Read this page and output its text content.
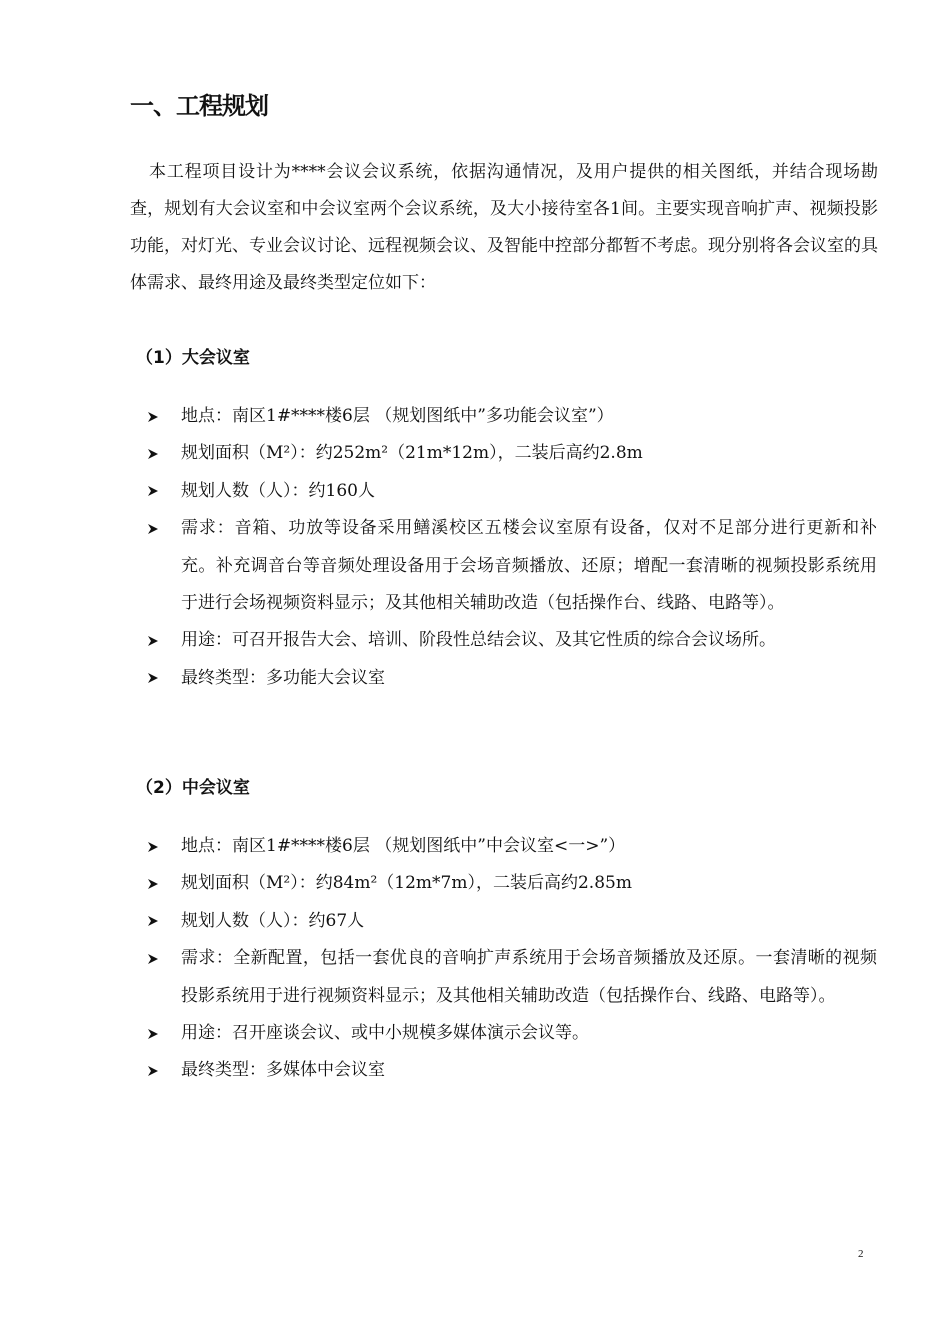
一、工程规划

本工程项目设计为****会议会议系统，依据沟通情况，及用户提供的相关图纸，并结合现场勘查，规划有大会议室和中会议室两个会议系统，及大小接待室各1间。主要实现音响扩声、视频投影功能，对灯光、专业会议讨论、远程视频会议、及智能中控部分都暂不考虑。现分别将各会议室的具体需求、最终用途及最终类型定位如下：

（1）大会议室
地点：南区1#****楼6层 （规划图纸中”多功能会议室”）
规划面积（M²）：约252m²（21m*12m），二装后高约2.8m
规划人数（人）：约160人
需求：音箱、功放等设备采用鳝溪校区五楼会议室原有设备，仅对不足部分进行更新和补充。补充调音台等音频处理设备用于会场音频播放、还原；增配一套清晰的视频投影系统用于进行会场视频资料显示；及其他相关辅助改造（包括操作台、线路、电路等）。
用途：可召开报告大会、培训、阶段性总结会议、及其它性质的综合会议场所。
最终类型：多功能大会议室
（2）中会议室
地点：南区1#****楼6层 （规划图纸中”中会议室<一>”）
规划面积（M²）：约84m²（12m*7m），二装后高约2.85m
规划人数（人）：约67人
需求：全新配置，包括一套优良的音响扩声系统用于会场音频播放及还原。一套清晰的视频投影系统用于进行视频资料显示；及其他相关辅助改造（包括操作台、线路、电路等）。
用途：召开座谈会议、或中小规模多媒体演示会议等。
最终类型：多媒体中会议室
2
